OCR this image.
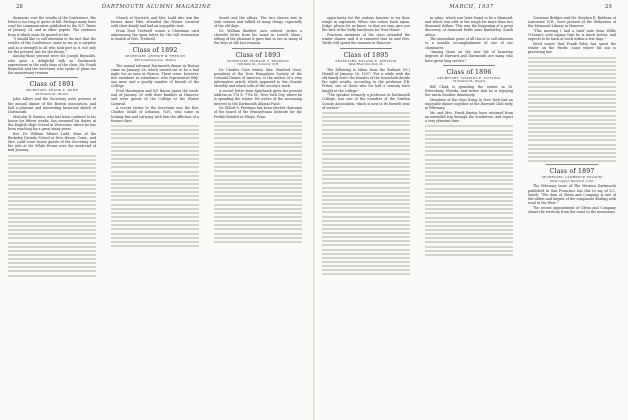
28	DARTMOUTH ALUMNI MAGAZINE

thusiastic over the results of the Conference. His letter is too long to quote in full. Perhaps many have read his communication published in the N.Y. Times of January 24, and in other papers. The sentence from it which must be quoted is this:

"I should like to call attention to the fact that the results of the Conference came to me as a surprise and as a strength to all who took part in it, not only for the present, but for the future."

Among those present were Mr. Joseph Reynolds, who gave a delightful talk on Dartmouth experiences in the early days of the class; Mr. Frank Reynolds and the Secretary who spoke of plans for the anniversary reunion.

Class of 1891
SECRETARY, FRANK E. ROWE
60 Federal St., Boston

John Albert and the Secretary were present at the annual dinner of the Boston association, and had a pleasant and interesting historical sketch of Dartmouth.

Malcolm R. Barnes, who has been confined to his house for fifteen weeks, has resumed his duties at the English High School in Worcester, where he has been teaching for a great many years.

Rev. Dr. William Palmer Ladd, dean of the Berkeley Divinity School at New Haven, Conn., and Mrs. Ladd were house guests of the Secretary and his wife at the White House over the week-end of mid January.

Church at Norwich, and Mrs. Ladd who was the former Anne Pike, attended the Winter Carnival with their family and had an enjoyable visit.

From Noel Tredwell comes a Christmas card announcing the open letter for the full restoration to health of Mrs. Tredwell.

Class of 1892
SECRETARY, ARTHUR W. FRENCH
385 Columbine Ave., Boston

The annual informal Dartmouth dinner in Boston came on January 28, which turned out to be a bad night for us men in Boston. There were, however, five members in attendance who represented fifty-one men, and a goodly number of friends of the College.

Fred Harrington and Ed. Bacon spent the week-end of January 30 with their families at Hanover, and were guests of the College at the Winter Carnival.

A recent visitor to the Secretary was the Rev. Charles Gould of Lebanon, N.H., who came in looking fine and carrying with him the affection of a former class.

Sweet and the others. The two classes met in joint session and talked of many things, especially of the old days.

Dr. William Bartlett, now retired, writes a cheerful letter from his home in Lowell, Mass., telling of the pleasure it gave him to see so many of the boys at the last reunion.

Class of 1893
SECRETARY, HORACE C. PEARSON
109 State St., Concord, N.H.

Dr. Charles Gove widow, Mrs. Winifred Gove, president of the New Hampshire Society of the Colonial Dames of America, is the author of a very informative article which appeared in the Granite Monthly and which tells of the society's work.

A recent letter from Sparhawk gives his present address as 178 E. 77th St., New York City, where he is spending the winter. He writes of the increasing interest in the Dartmouth Alumni Fund.

Dr. Elliott S. Freeman has been elected chairman of the board of the Pennsylvania Institute for the Feeble-Minded at Elwyn, Penn.

MARCH, 1937	29

opportunity for the embryo lawyers to try their wings in argument. When one comes back again, Judge, please let us know, so that we may give you the best of the Saffy luncheons for Your Honor.

Fourteen members of the class attended the winter dinner, and it is rumored that he and Mrs. Tuttle will spend the summer in Hanover.

Class of 1895
SECRETARY, ROLAND E. STETSON
West River Junction, Vt.

The following is taken from the Rutland (Vt.) Herald of January 28, 1937: "For a while with the old family strict the females of the household decide the right results, according to the professor F.B. Fisher, one of those who for half a century have taught at the college."

"The speaker, formerly a professor at Dartmouth College, was one of the founders of the Grafton County Association, which is now in its fortieth year of service."

in value, which was later found to be a diamond, and which was sold in the rough for more than two thousand dollars. This was the beginning of a great discovery of diamond fields near Kimberley, South Africa.

The immediate point of all this is to call attention to a notable accomplishment of one of our classmates.

"Among those on the new list of honorary degrees at Harvard and Dartmouth are many who have given long service."

Class of 1896
SECRETARY, CHARLES E. COTTING
75 Federal St., Boston

Bill Clark is spending the winter in St. Petersburg, Florida, and writes that he is enjoying the warm weather immensely.

Members of the class living in New York had an enjoyable dinner together at the Harvard Club early in February.

Mr. and Mrs. Frank Barton have returned from an extended trip through the Southwest, and report a very pleasant time.

Governor Bridges and Mr. Stephen E. Barbeau of Lancaster, N.H., were present at the dedication of the Memorial Library in Hanover.

"This morning I had a brief note from Willie O'Leary's note saying that he is much better, and expects to be back at work within a few days."

Word comes that Frank Fales has spent the winter on the Pacific coast where his son is practicing law.

Class of 1897
SECRETARY, LAWRENCE FOLSOM
State Capitol, Hartford, Conn.

The February issue of The Western Dartmouth published in San Francisco has this to say of S.C. Smith: "The firm of Glenn and Company is one of the oldest and largest of the companies dealing with wool in the West."

The recent appointment of Glenn and Company shows the territory from the coast to the mountains.
